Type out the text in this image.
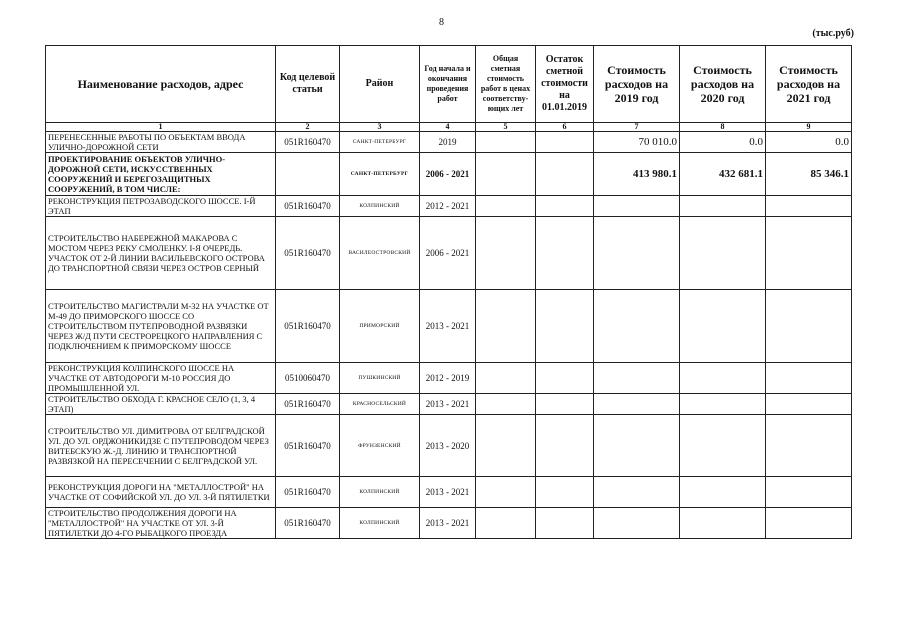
8
(тыс.руб)
Наименование расходов, адрес	Код целевой статьи	Район	Год начала и окончания проведения работ	Общая сметная стоимость работ в ценах соответству-ющих лет	Остаток сметной стоимости на 01.01.2019	Стоимость расходов на 2019 год	Стоимость расходов на 2020 год	Стоимость расходов на 2021 год
1	2	3	4	5	6	7	8	9
ПЕРЕНЕСЕННЫЕ РАБОТЫ ПО ОБЪЕКТАМ ВВОДА УЛИЧНО-ДОРОЖНОЙ СЕТИ	051R160470	САНКТ-ПЕТЕРБУРГ	2019			70 010.0	0.0	0.0
ПРОЕКТИРОВАНИЕ ОБЪЕКТОВ УЛИЧНО-ДОРОЖНОЙ СЕТИ, ИСКУССТВЕННЫХ СООРУЖЕНИЙ И БЕРЕГОЗАЩИТНЫХ СООРУЖЕНИЙ, В ТОМ ЧИСЛЕ:		САНКТ-ПЕТЕРБУРГ	2006 - 2021			413 980.1	432 681.1	85 346.1
РЕКОНСТРУКЦИЯ ПЕТРОЗАВОДСКОГО ШОССЕ. I-Й ЭТАП	051R160470	КОЛПИНСКИЙ	2012 - 2021					
СТРОИТЕЛЬСТВО НАБЕРЕЖНОЙ МАКАРОВА С МОСТОМ ЧЕРЕЗ РЕКУ СМОЛЕНКУ. I-Я ОЧЕРЕДЬ. УЧАСТОК ОТ 2-Й ЛИНИИ ВАСИЛЬЕВСКОГО ОСТРОВА ДО ТРАНСПОРТНОЙ СВЯЗИ ЧЕРЕЗ ОСТРОВ СЕРНЫЙ	051R160470	ВАСИЛЕОСТРОВСКИЙ	2006 - 2021					
СТРОИТЕЛЬСТВО МАГИСТРАЛИ М-32 НА УЧАСТКЕ ОТ М-49 ДО ПРИМОРСКОГО ШОССЕ СО СТРОИТЕЛЬСТВОМ ПУТЕПРОВОДНОЙ РАЗВЯЗКИ ЧЕРЕЗ Ж/Д ПУТИ СЕСТРОРЕЦКОГО НАПРАВЛЕНИЯ С ПОДКЛЮЧЕНИЕМ К ПРИМОРСКОМУ ШОССЕ	051R160470	ПРИМОРСКИЙ	2013 - 2021					
РЕКОНСТРУКЦИЯ КОЛПИНСКОГО ШОССЕ НА УЧАСТКЕ ОТ АВТОДОРОГИ М-10 РОССИЯ ДО ПРОМЫШЛЕННОЙ УЛ.	0510060470	ПУШКИНСКИЙ	2012 - 2019					
СТРОИТЕЛЬСТВО ОБХОДА Г. КРАСНОЕ СЕЛО (1, 3, 4 ЭТАП)	051R160470	КРАСНОСЕЛЬСКИЙ	2013 - 2021					
СТРОИТЕЛЬСТВО УЛ. ДИМИТРОВА ОТ БЕЛГРАДСКОЙ УЛ. ДО УЛ. ОРДЖОНИКИДЗЕ С ПУТЕПРОВОДОМ ЧЕРЕЗ ВИТЕБСКУЮ Ж.-Д. ЛИНИЮ И ТРАНСПОРТНОЙ РАЗВЯЗКОЙ НА ПЕРЕСЕЧЕНИИ С БЕЛГРАДСКОЙ УЛ.	051R160470	ФРУНЗЕНСКИЙ	2013 - 2020					
РЕКОНСТРУКЦИЯ ДОРОГИ НА "МЕТАЛЛОСТРОЙ" НА УЧАСТКЕ ОТ СОФИЙСКОЙ УЛ. ДО УЛ. 3-Й ПЯТИЛЕТКИ	051R160470	КОЛПИНСКИЙ	2013 - 2021					
СТРОИТЕЛЬСТВО ПРОДОЛЖЕНИЯ ДОРОГИ НА "МЕТАЛЛОСТРОЙ" НА УЧАСТКЕ ОТ УЛ. 3-Й ПЯТИЛЕТКИ ДО 4-ГО РЫБАЦКОГО ПРОЕЗДА	051R160470	КОЛПИНСКИЙ	2013 - 2021					
